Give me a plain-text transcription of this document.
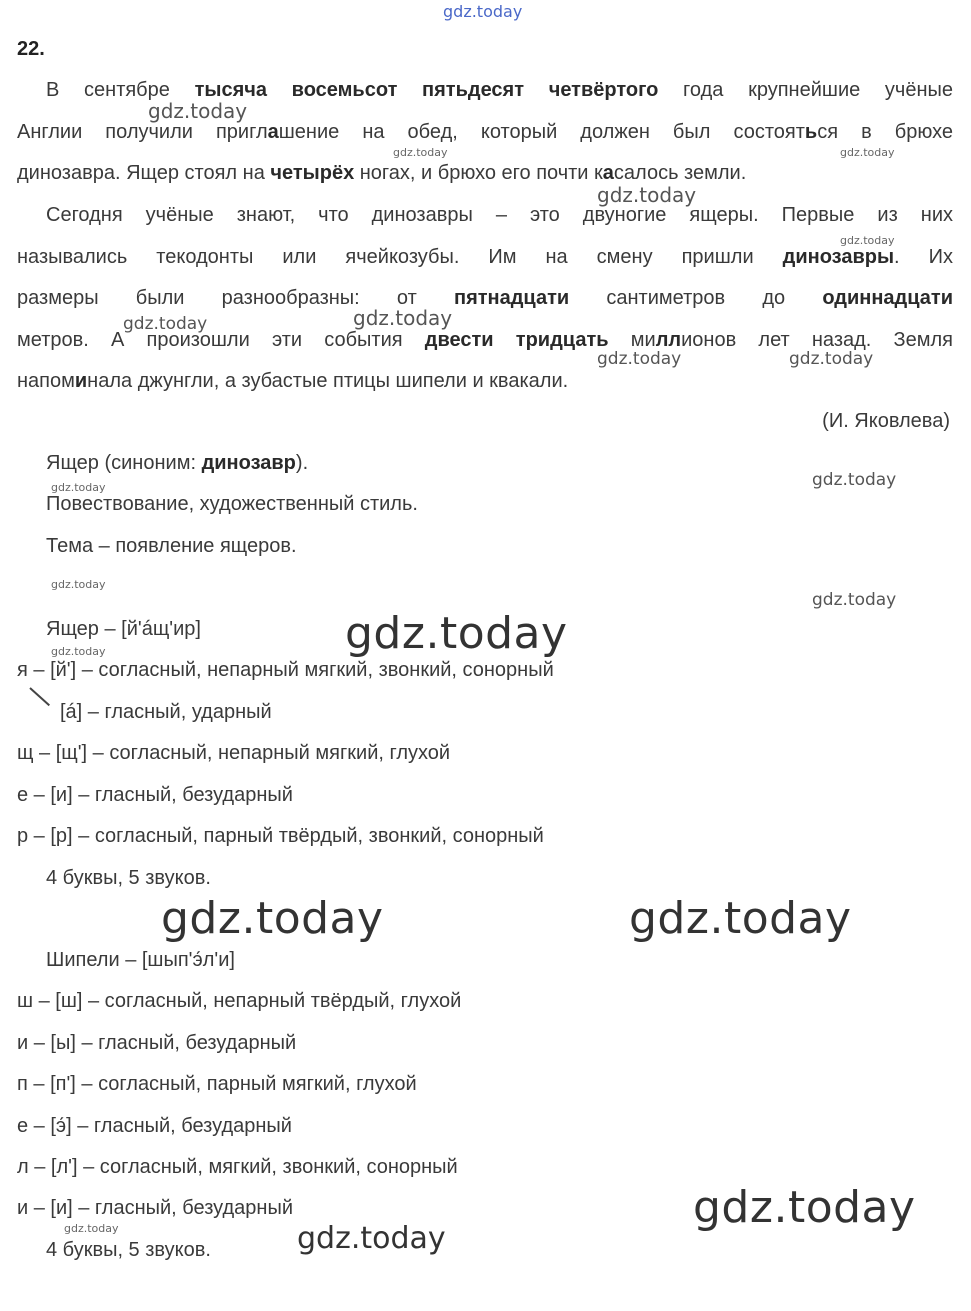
gdz.today
22.
В сентябре тысяча восемьсот пятьдесят четвёртого года крупнейшие учёные
Англии получили приглашение на обед, который должен был состояться в брюхе
динозавра. Ящер стоял на четырёх ногах, и брюхо его почти касалось земли.
Сегодня учёные знают, что динозавры – это двуногие ящеры. Первые из них
назывались текодонты или ячейкозубы. Им на смену пришли динозавры. Их
размеры были разнообразны: от пятнадцати сантиметров до одиннадцати
метров. А произошли эти события двести тридцать миллионов лет назад. Земля
напоминала джунгли, а зубастые птицы шипели и квакали.
(И. Яковлева)
Ящер (синоним: динозавр).
Повествование, художественный стиль.
Тема – появление ящеров.
Ящер – [й'áщ'ир]
я – [й'] – согласный, непарный мягкий, звонкий, сонорный
[á] – гласный, ударный
щ – [щ'] – согласный, непарный мягкий, глухой
е – [и] – гласный, безударный
р – [р] – согласный, парный твёрдый, звонкий, сонорный
4 буквы, 5 звуков.
Шипели – [шып'э́л'и]
ш – [ш] – согласный, непарный твёрдый, глухой
и – [ы] – гласный, безударный
п – [п'] – согласный, парный мягкий, глухой
е – [э́] – гласный, безударный
л – [л'] – согласный, мягкий, звонкий, сонорный
и – [и] – гласный, безударный
4 буквы, 5 звуков.
gdz.today
gdz.today	gdz.today
gdz.today
gdz.today
gdz.today	gdz.today
gdz.today	gdz.today
gdz.today
gdz.today
gdz.today
gdz.today
gdz.today
gdz.today
gdz.today	gdz.today
gdz.today
gdz.today	gdz.today
